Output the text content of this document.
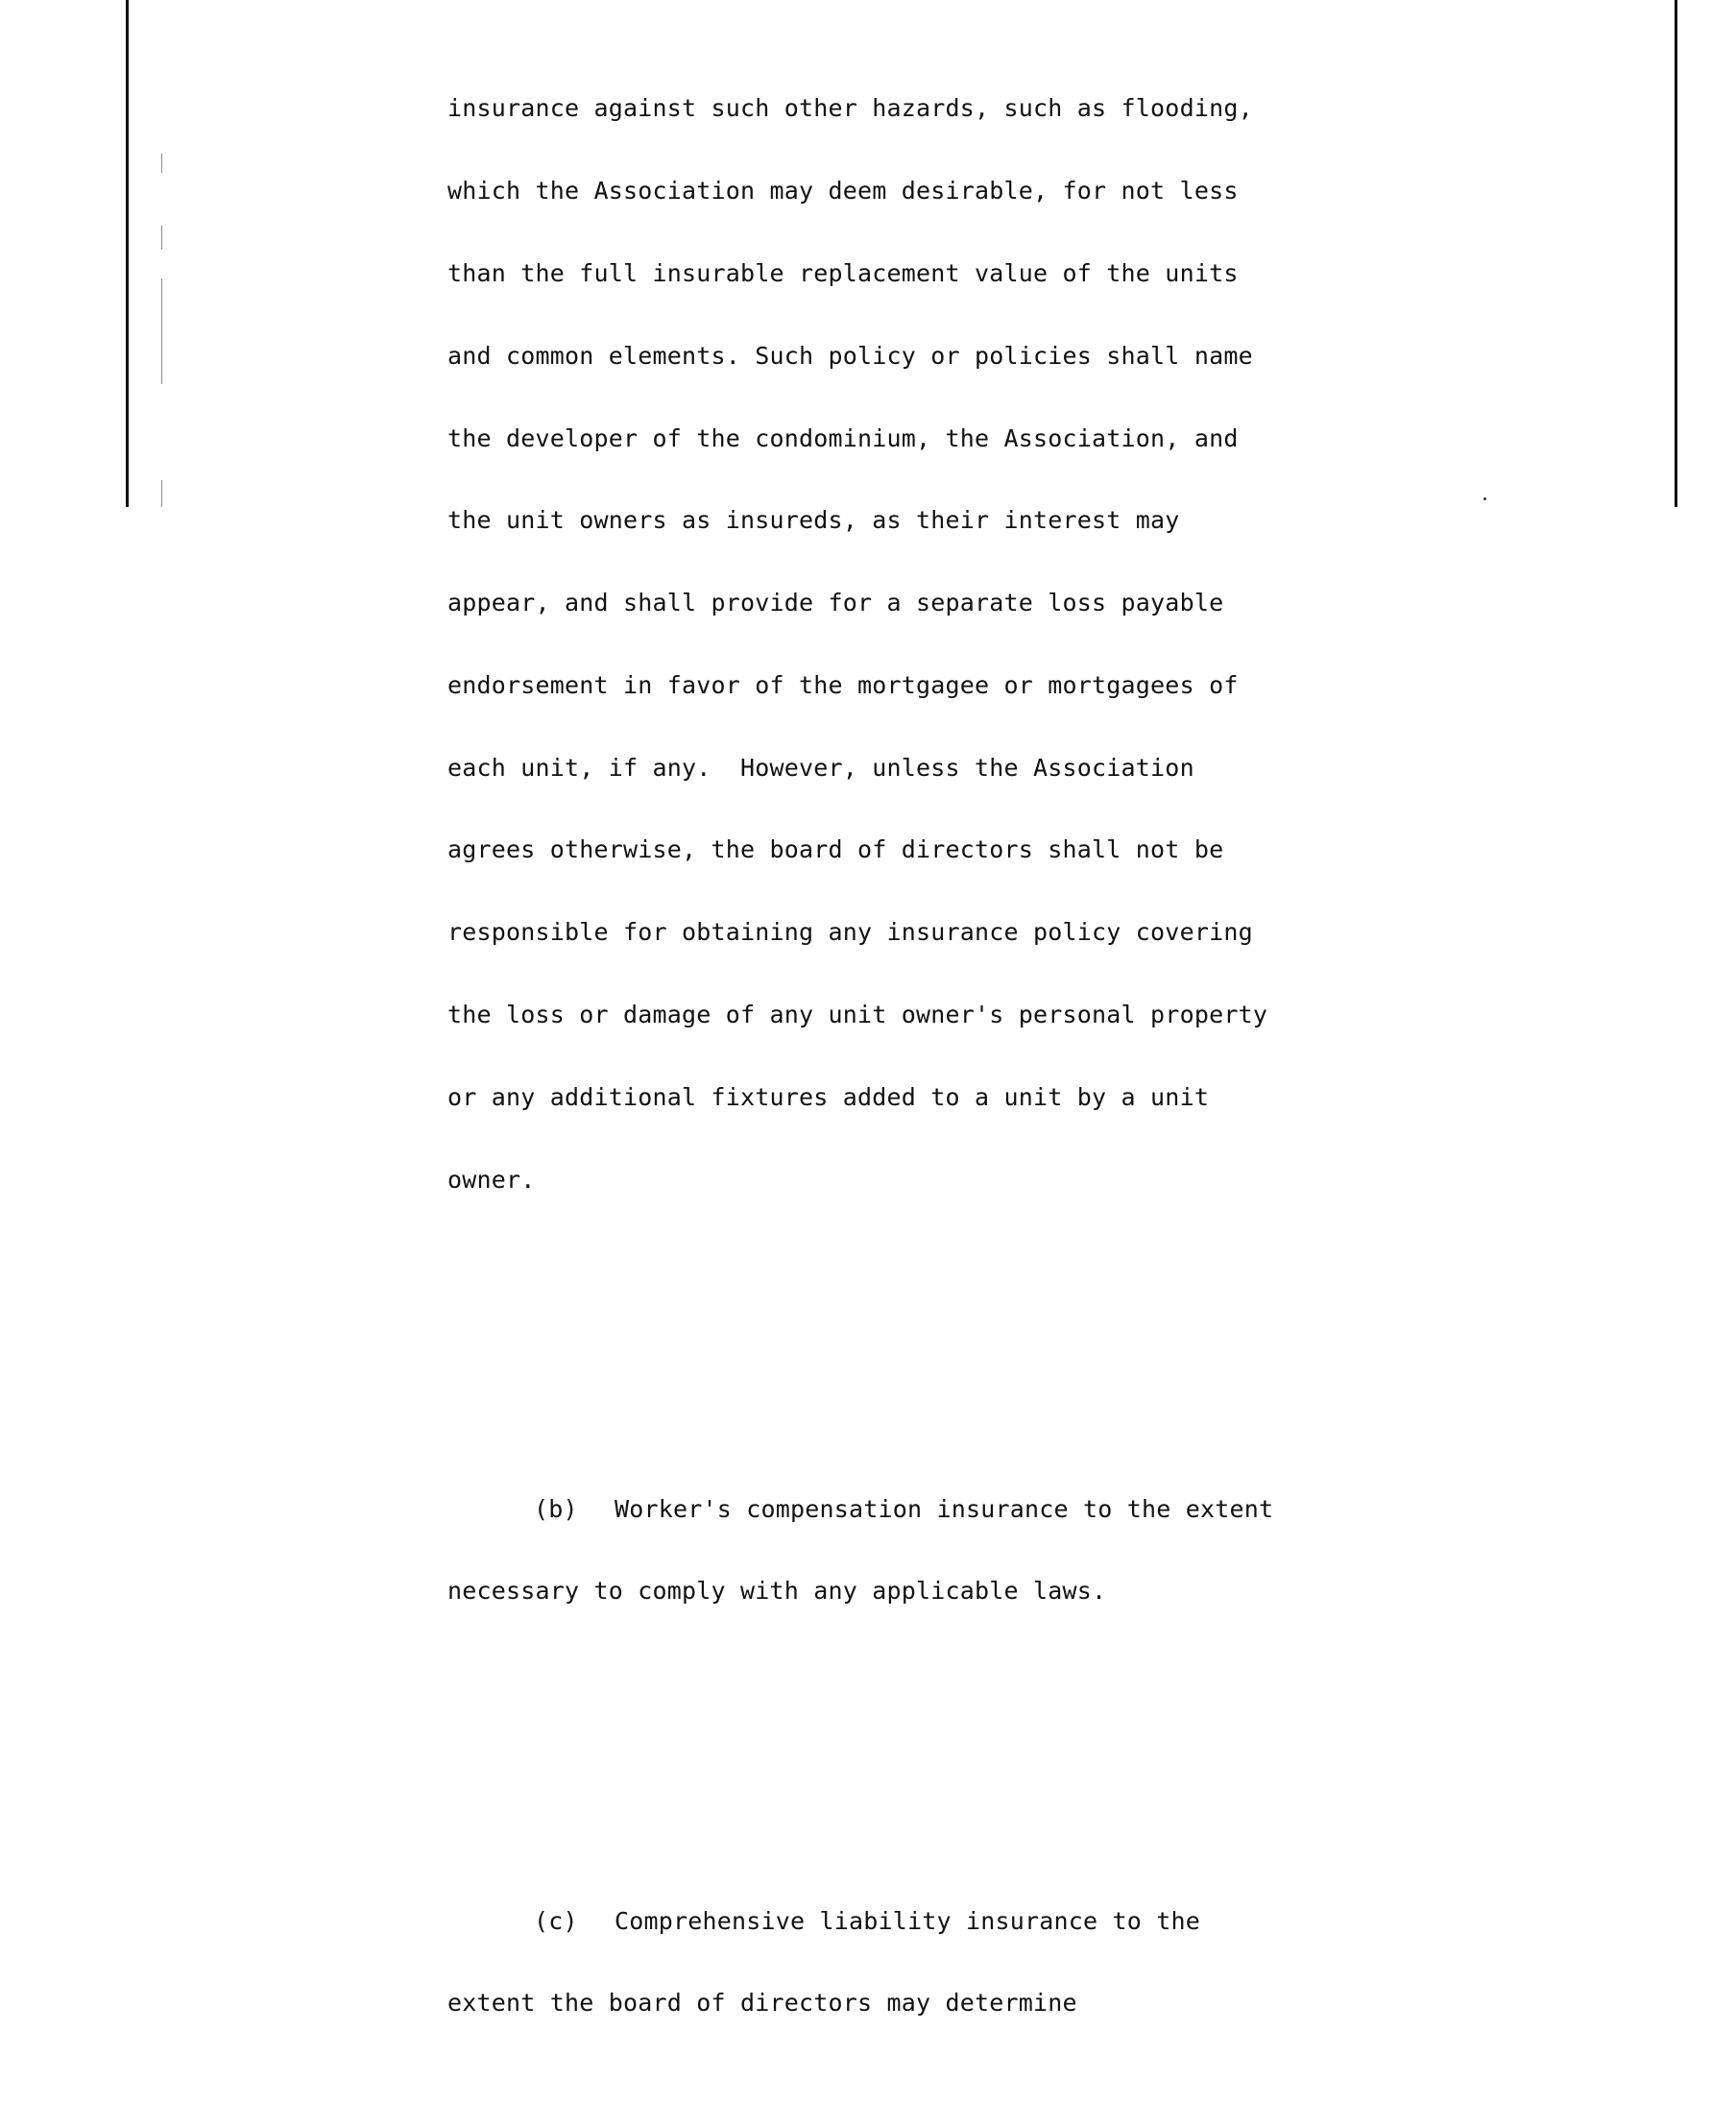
insurance against such other hazards, such as flooding,

which the Association may deem desirable, for not less

than the full insurable replacement value of the units

and common elements. Such policy or policies shall name

the developer of the condominium, the Association, and

the unit owners as insureds, as their interest may

appear, and shall provide for a separate loss payable

endorsement in favor of the mortgagee or mortgagees of

each unit, if any.  However, unless the Association

agrees otherwise, the board of directors shall not be

responsible for obtaining any insurance policy covering

the loss or damage of any unit owner's personal property

or any additional fixtures added to a unit by a unit

owner.

(b) Worker's compensation insurance to the extent

necessary to comply with any applicable laws.

(c) Comprehensive liability insurance to the

extent the board of directors may determine
